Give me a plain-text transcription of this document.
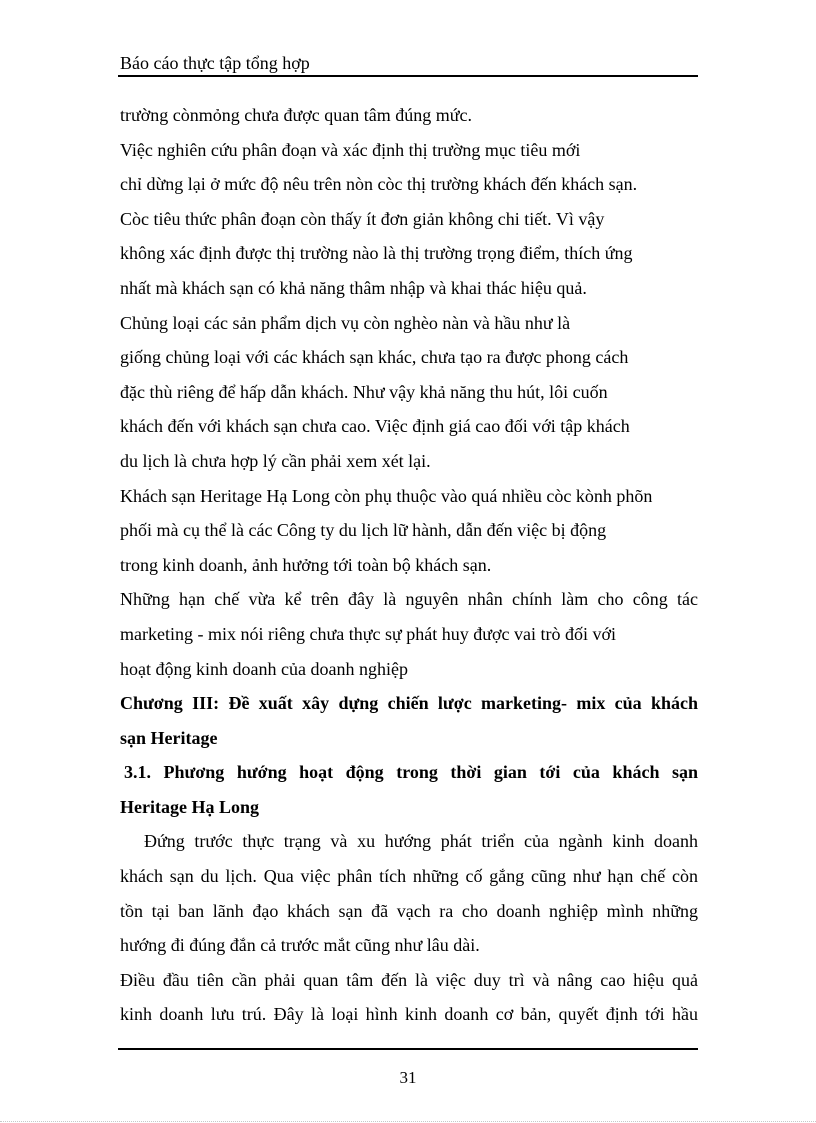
Báo cáo thực tập tổng hợp
trường cònmỏng chưa được quan tâm đúng mức.
Việc nghiên cứu phân đoạn và xác định thị trường mục tiêu mới
chỉ dừng lại ở mức độ nêu trên nòn còc thị trường khách đến khách sạn.
Còc tiêu thức phân đoạn còn thấy ít đơn giản không chi tiết. Vì vậy
không xác định được thị trường nào là thị trường trọng điểm, thích ứng
nhất mà khách sạn có khả năng thâm nhập và khai thác hiệu quả.
Chủng loại các sản phẩm dịch vụ còn nghèo nàn và hầu như là
giống chủng loại với các khách sạn khác, chưa tạo ra được phong cách
đặc thù riêng để hấp dẫn khách. Như vậy khả năng thu hút, lôi cuốn
khách đến với khách sạn chưa cao. Việc định giá cao đối với tập khách
du lịch là chưa hợp lý cần phải xem xét lại.
Khách sạn Heritage Hạ Long còn phụ thuộc vào quá nhiều còc kònh phõn
phối mà cụ thể là các Công ty du lịch lữ hành, dẫn đến việc bị động
trong kinh doanh, ảnh hưởng tới toàn bộ khách sạn.
Những hạn chế vừa kể trên đây là nguyên nhân chính làm cho công tác
marketing - mix nói riêng chưa thực sự phát huy được vai trò đối với
hoạt động kinh doanh của doanh nghiệp
Chương III: Đề xuất xây dựng chiến lược marketing- mix của khách
sạn Heritage
3.1. Phương hướng hoạt động trong thời gian tới của khách sạn
Heritage Hạ Long
Đứng trước thực trạng và xu hướng phát triển của ngành kinh doanh
khách sạn du lịch. Qua việc phân tích những cố gắng cũng như hạn chế còn
tồn tại ban lãnh đạo khách sạn đã vạch ra cho doanh nghiệp mình những
hướng đi đúng đắn cả trước mắt cũng như lâu dài.
Điều đầu tiên cần phải quan tâm đến là việc duy trì và nâng cao hiệu quả
kinh doanh lưu trú. Đây là loại hình kinh doanh cơ bản, quyết định tới hầu
31
